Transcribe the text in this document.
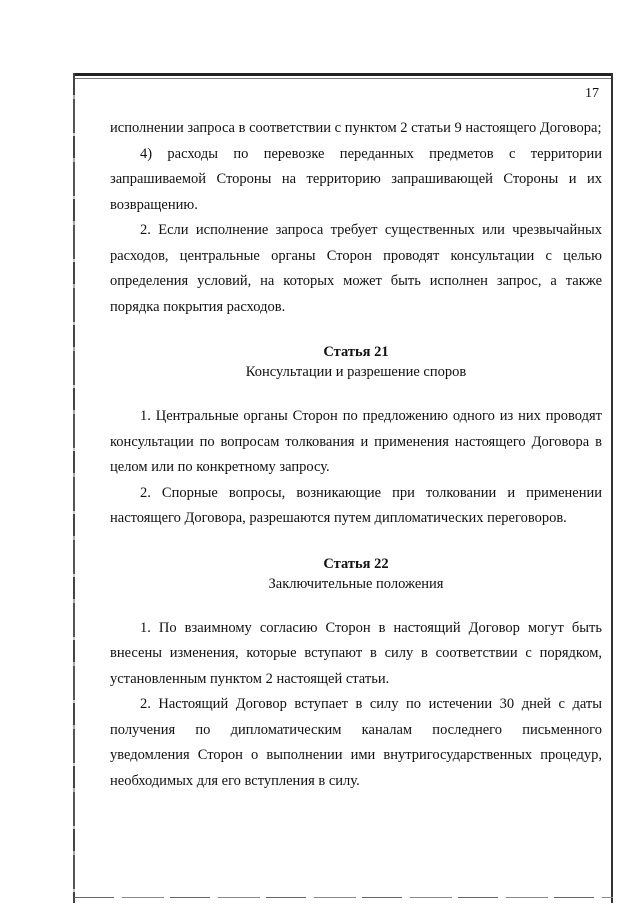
17

исполнении запроса в соответствии с пунктом 2 статьи 9 настоящего Договора;

4) расходы по перевозке переданных предметов с территории запрашиваемой Стороны на территорию запрашивающей Стороны и их возвращению.

2. Если исполнение запроса требует существенных или чрезвычайных расходов, центральные органы Сторон проводят консультации с целью определения условий, на которых может быть исполнен запрос, а также порядка покрытия расходов.

Статья 21

Консультации и разрешение споров

1. Центральные органы Сторон по предложению одного из них проводят консультации по вопросам толкования и применения настоящего Договора в целом или по конкретному запросу.

2. Спорные вопросы, возникающие при толковании и применении настоящего Договора, разрешаются путем дипломатических переговоров.

Статья 22

Заключительные положения

1. По взаимному согласию Сторон в настоящий Договор могут быть внесены изменения, которые вступают в силу в соответствии с порядком, установленным пунктом 2 настоящей статьи.

2. Настоящий Договор вступает в силу по истечении 30 дней с даты получения по дипломатическим каналам последнего письменного уведомления Сторон о выполнении ими внутригосударственных процедур, необходимых для его вступления в силу.
